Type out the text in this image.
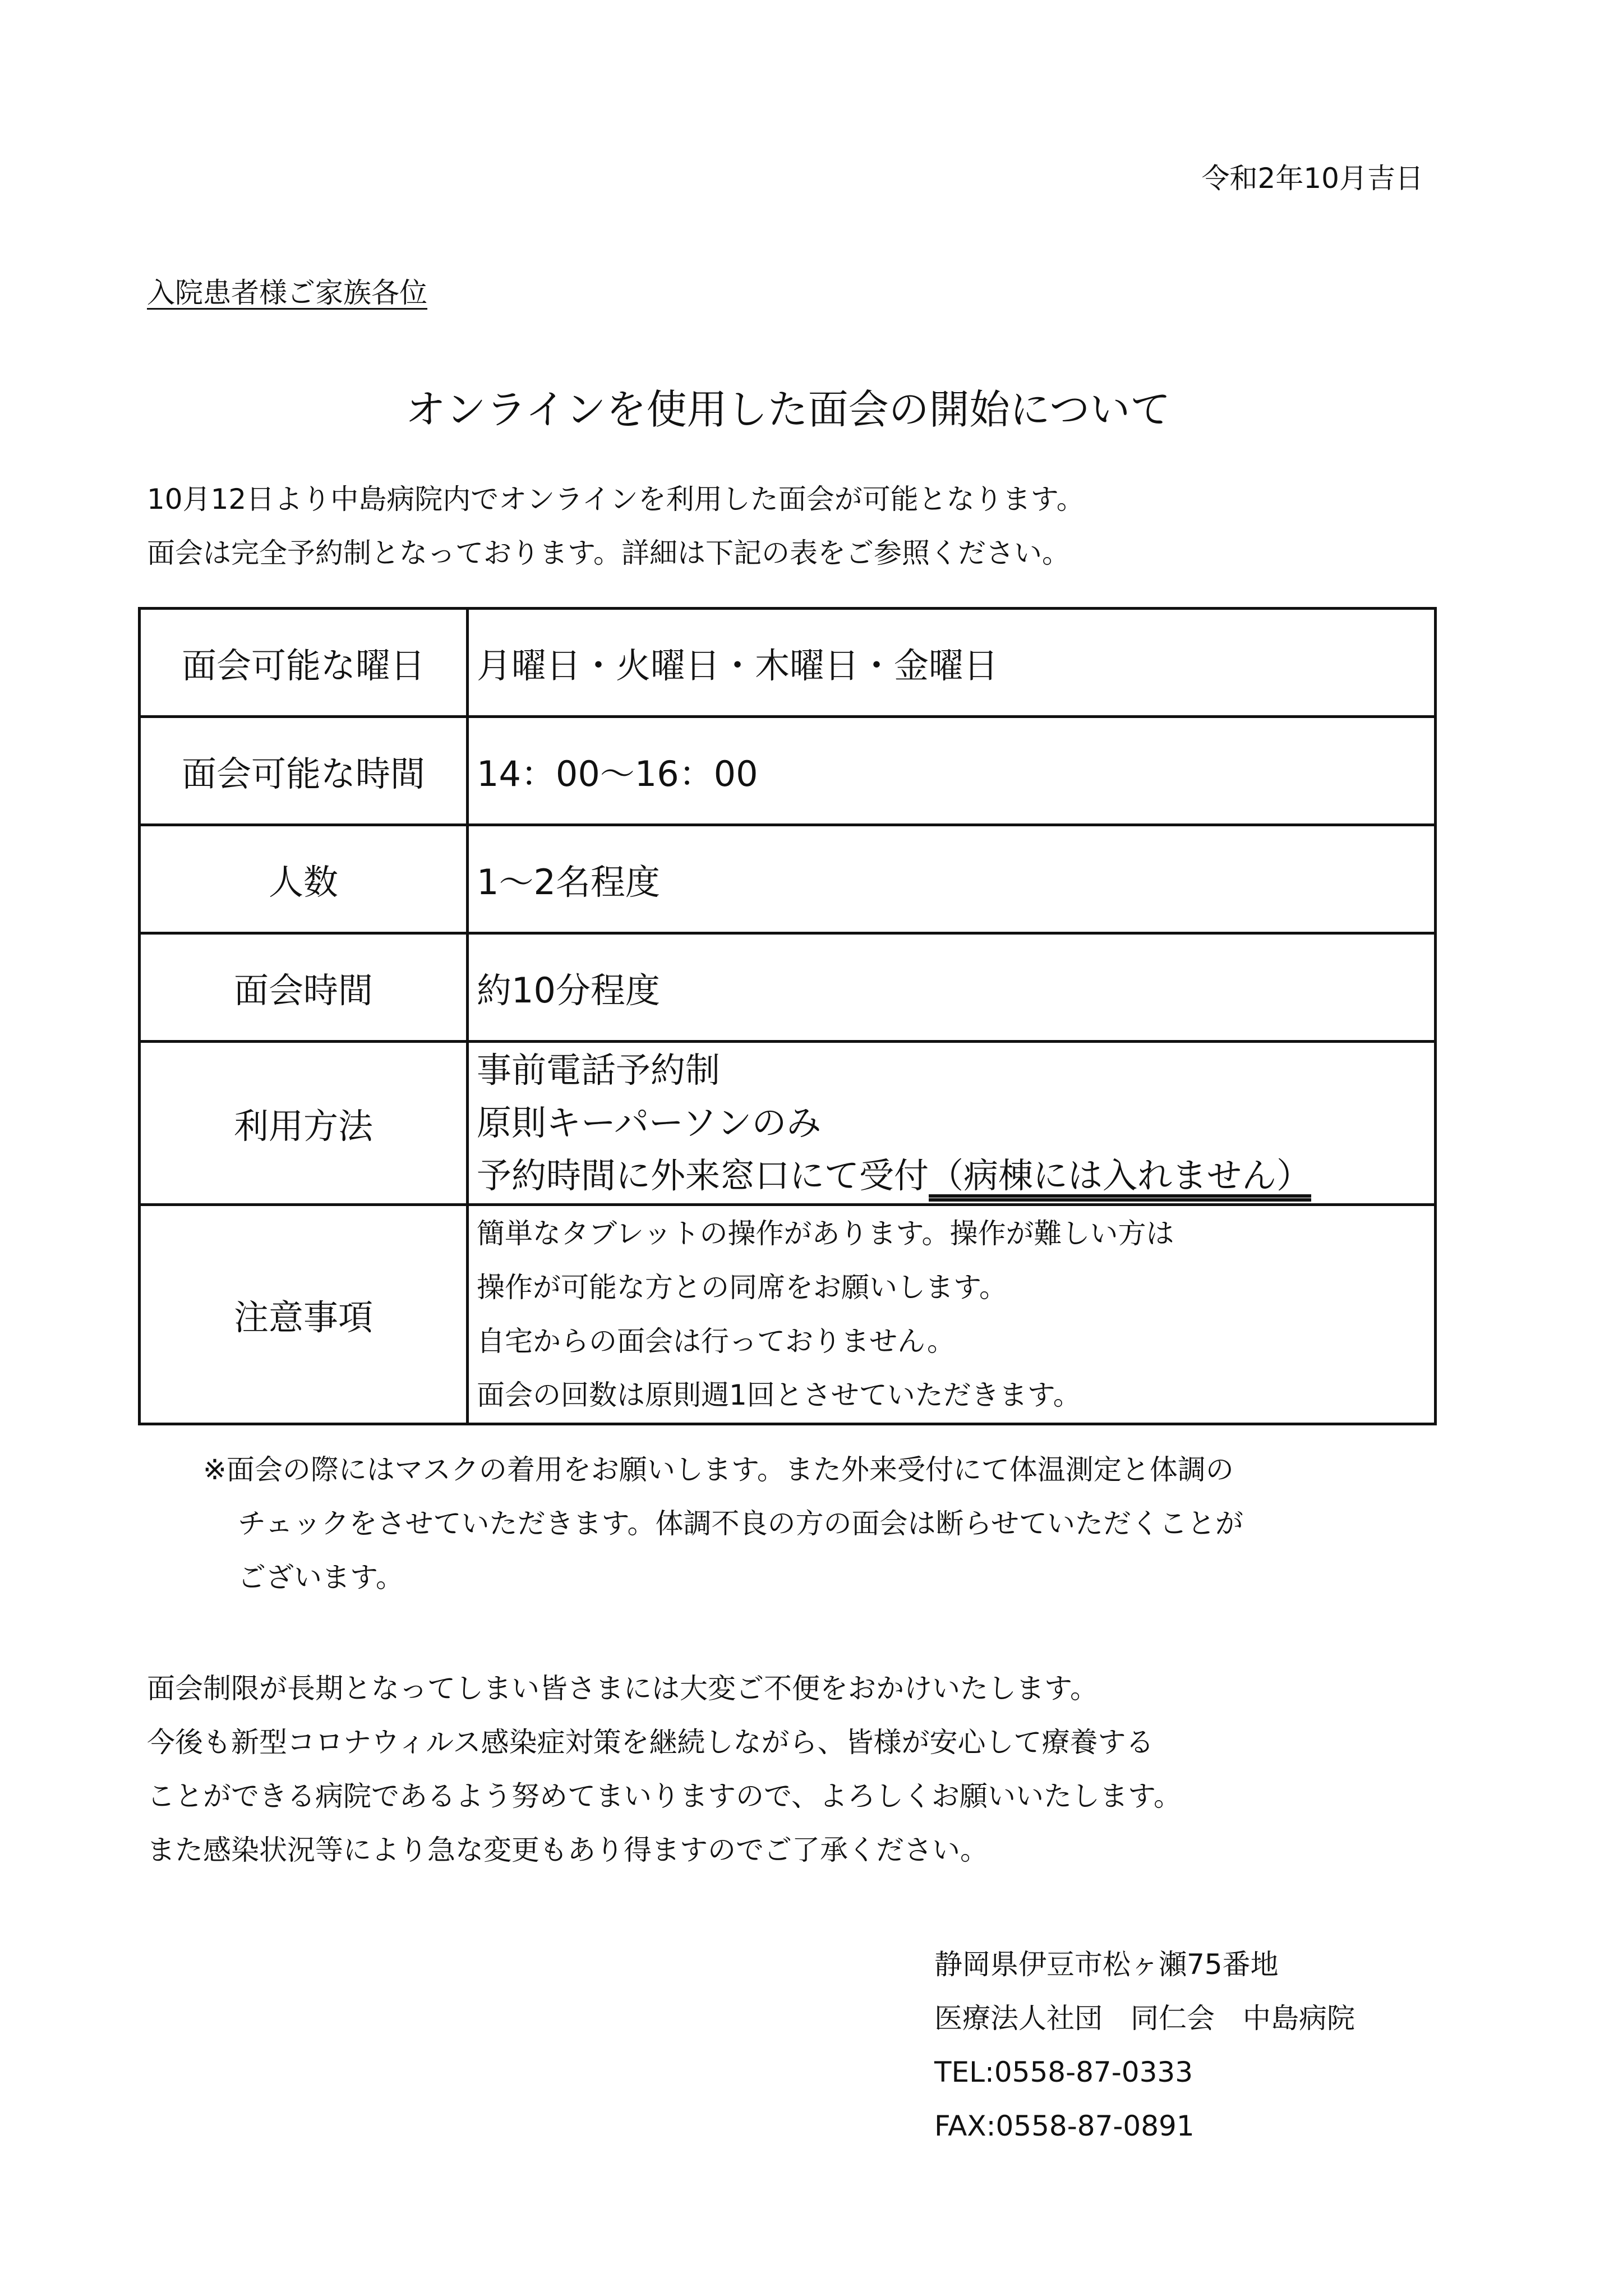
令和2年10月吉日
入院患者様ご家族各位
オンラインを使用した面会の開始について
10月12日より中島病院内でオンラインを利用した面会が可能となります。
面会は完全予約制となっております。詳細は下記の表をご参照ください。
面会可能な曜日	月曜日・火曜日・木曜日・金曜日
面会可能な時間	14：00〜16：00
人数	1〜2名程度
面会時間	約10分程度
利用方法	事前電話予約制
原則キーパーソンのみ
予約時間に外来窓口にて受付（病棟には入れません）

注意事項	簡単なタブレットの操作があります。操作が難しい方は
操作が可能な方との同席をお願いします。
自宅からの面会は行っておりません。
面会の回数は原則週1回とさせていただきます。
※面会の際にはマスクの着用をお願いします。また外来受付にて体温測定と体調の
チェックをさせていただきます。体調不良の方の面会は断らせていただくことが
ございます。
面会制限が長期となってしまい皆さまには大変ご不便をおかけいたします。
今後も新型コロナウィルス感染症対策を継続しながら、皆様が安心して療養する
ことができる病院であるよう努めてまいりますので、よろしくお願いいたします。
また感染状況等により急な変更もあり得ますのでご了承ください。
静岡県伊豆市松ヶ瀬75番地
医療法人社団　同仁会　中島病院
TEL:0558-87-0333
FAX:0558-87-0891
